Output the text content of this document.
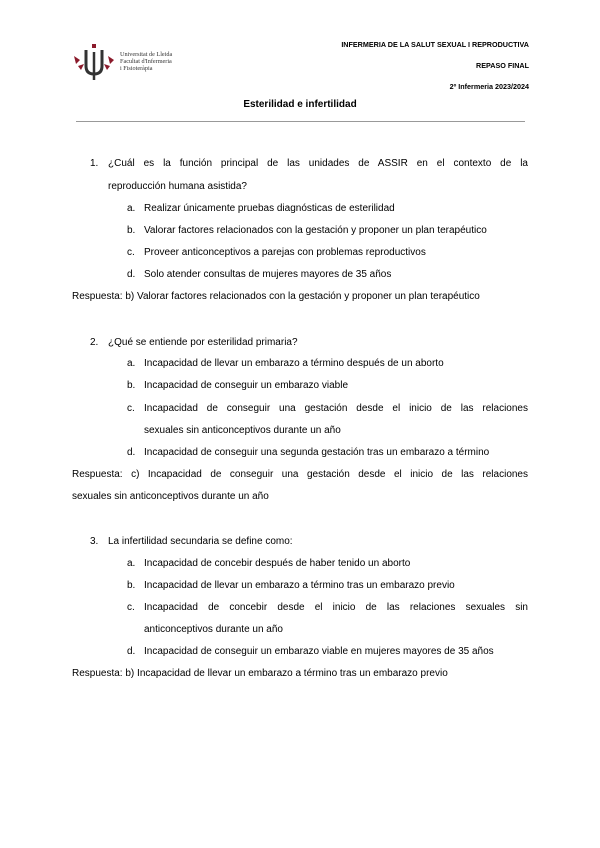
Universitat de Lleida
Facultat d'Infermeria
i Fisioteràpia
INFERMERIA DE LA SALUT SEXUAL I REPRODUCTIVA
REPASO FINAL
2º Infermeria 2023/2024
Esterilidad e infertilidad
1. ¿Cuál es la función principal de las unidades de ASSIR en el contexto de la
reproducción humana asistida?
a. Realizar únicamente pruebas diagnósticas de esterilidad
b. Valorar factores relacionados con la gestación y proponer un plan terapéutico
c. Proveer anticonceptivos a parejas con problemas reproductivos
d. Solo atender consultas de mujeres mayores de 35 años
Respuesta: b) Valorar factores relacionados con la gestación y proponer un plan terapéutico
2. ¿Qué se entiende por esterilidad primaria?
a. Incapacidad de llevar un embarazo a término después de un aborto
b. Incapacidad de conseguir un embarazo viable
c. Incapacidad de conseguir una gestación desde el inicio de las relaciones
sexuales sin anticonceptivos durante un año
d. Incapacidad de conseguir una segunda gestación tras un embarazo a término
Respuesta: c) Incapacidad de conseguir una gestación desde el inicio de las relaciones
sexuales sin anticonceptivos durante un año
3. La infertilidad secundaria se define como:
a. Incapacidad de concebir después de haber tenido un aborto
b. Incapacidad de llevar un embarazo a término tras un embarazo previo
c. Incapacidad de concebir desde el inicio de las relaciones sexuales sin
anticonceptivos durante un año
d. Incapacidad de conseguir un embarazo viable en mujeres mayores de 35 años
Respuesta: b) Incapacidad de llevar un embarazo a término tras un embarazo previo
